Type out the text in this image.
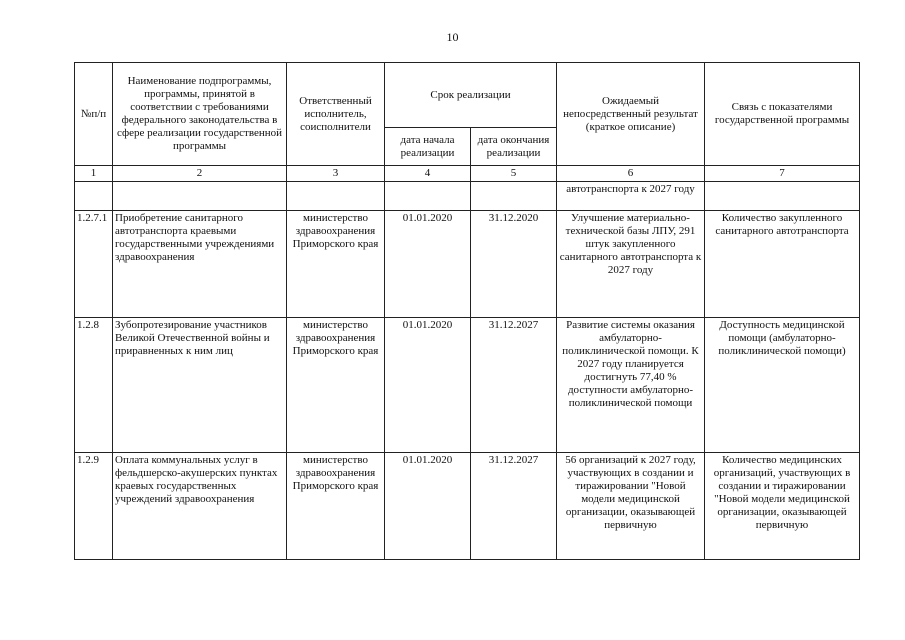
10
№п/п	Наименование подпрограммы, программы, принятой в соответствии с требованиями федерального законодательства в сфере реализации государственной программы	Ответственный исполнитель, соисполнители	Срок реализации		Ожидаемый непосредственный результат (краткое описание)	Связь с показателями государственной программы
			дата начала реализации	дата окончания реализации		
1	2	3	4	5	6	7
					автотранспорта к 2027 году	
1.2.7.1	Приобретение санитарного автотранспорта краевыми государственными учреждениями здравоохранения	министерство здравоохранения Приморского края	01.01.2020	31.12.2020	Улучшение материально-технической базы ЛПУ, 291 штук закупленного санитарного автотранспорта к 2027 году	Количество закупленного санитарного автотранспорта
1.2.8	Зубопротезирование участников Великой Отечественной войны и приравненных к ним лиц	министерство здравоохранения Приморского края	01.01.2020	31.12.2027	Развитие системы оказания амбулаторно-поликлинической помощи. К 2027 году планируется достигнуть 77,40 % доступности амбулаторно-поликлинической помощи	Доступность медицинской помощи (амбулаторно-поликлинической помощи)
1.2.9	Оплата коммунальных услуг в фельдшерско-акушерских пунктах краевых государственных учреждений здравоохранения	министерство здравоохранения Приморского края	01.01.2020	31.12.2027	56 организаций к 2027 году, участвующих в создании и тиражировании "Новой модели медицинской организации, оказывающей первичную	Количество медицинских организаций, участвующих в создании и тиражировании "Новой модели медицинской организации, оказывающей первичную
